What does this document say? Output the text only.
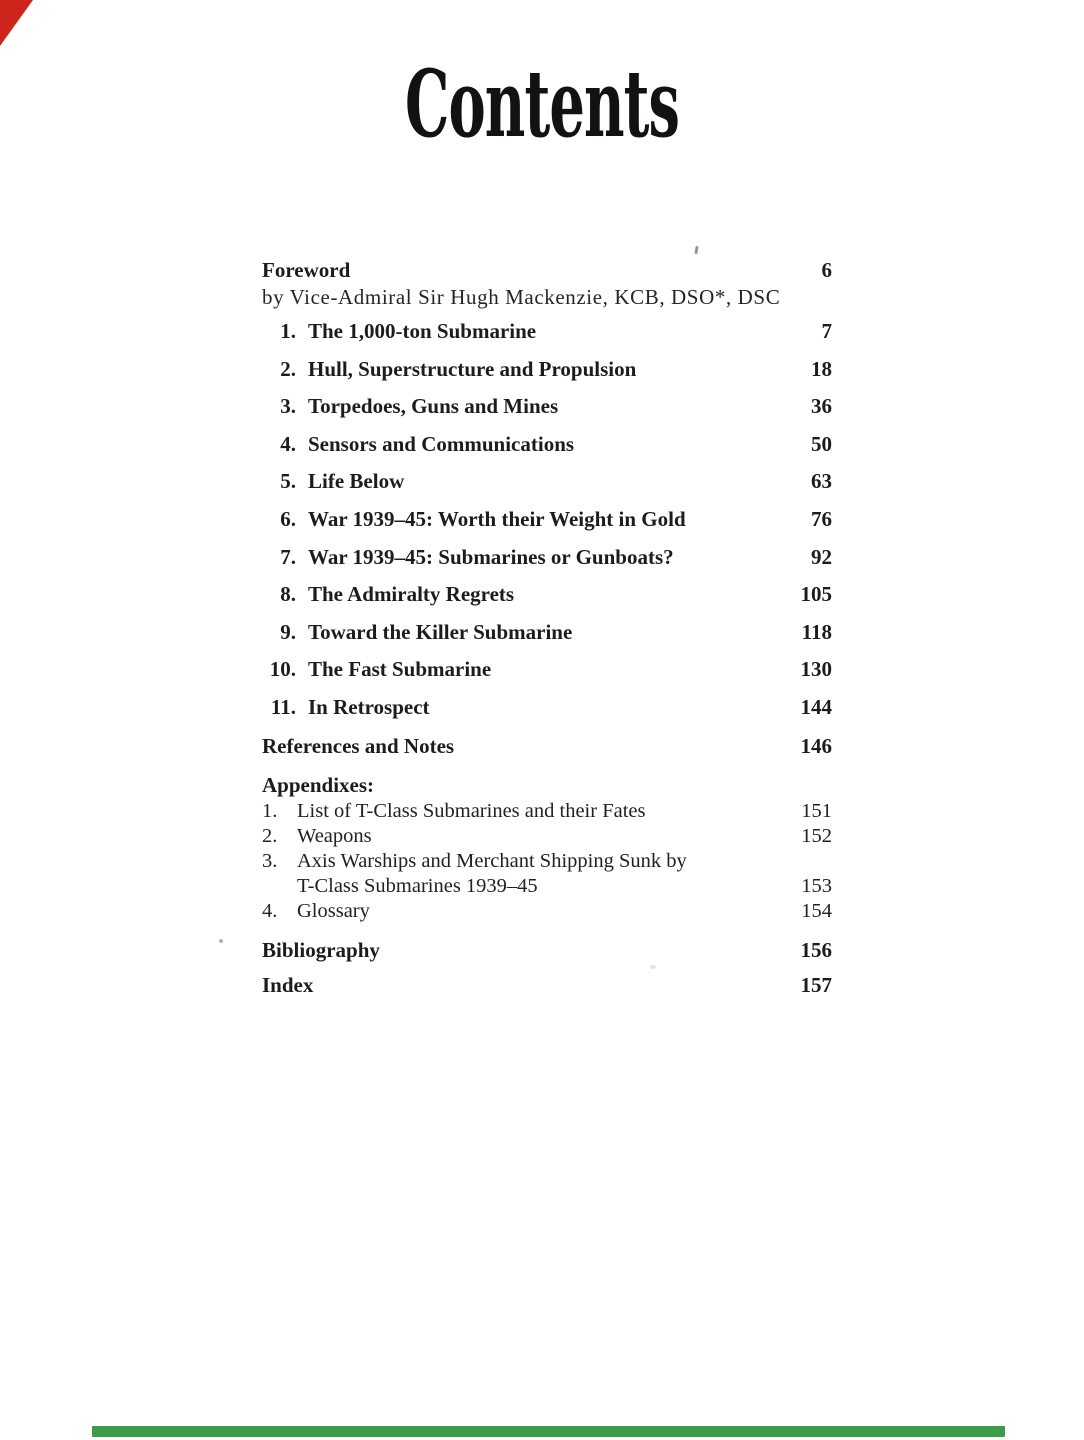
Contents
Foreword	6
by Vice-Admiral Sir Hugh Mackenzie, KCB, DSO*, DSC
1. The 1,000-ton Submarine	7
2. Hull, Superstructure and Propulsion	18
3. Torpedoes, Guns and Mines	36
4. Sensors and Communications	50
5. Life Below	63
6. War 1939–45: Worth their Weight in Gold	76
7. War 1939–45: Submarines or Gunboats?	92
8. The Admiralty Regrets	105
9. Toward the Killer Submarine	118
10. The Fast Submarine	130
11. In Retrospect	144
References and Notes	146
Appendixes:
1. List of T-Class Submarines and their Fates	151
2. Weapons	152
3. Axis Warships and Merchant Shipping Sunk by
T-Class Submarines 1939–45	153
4. Glossary	154
Bibliography	156
Index	157
